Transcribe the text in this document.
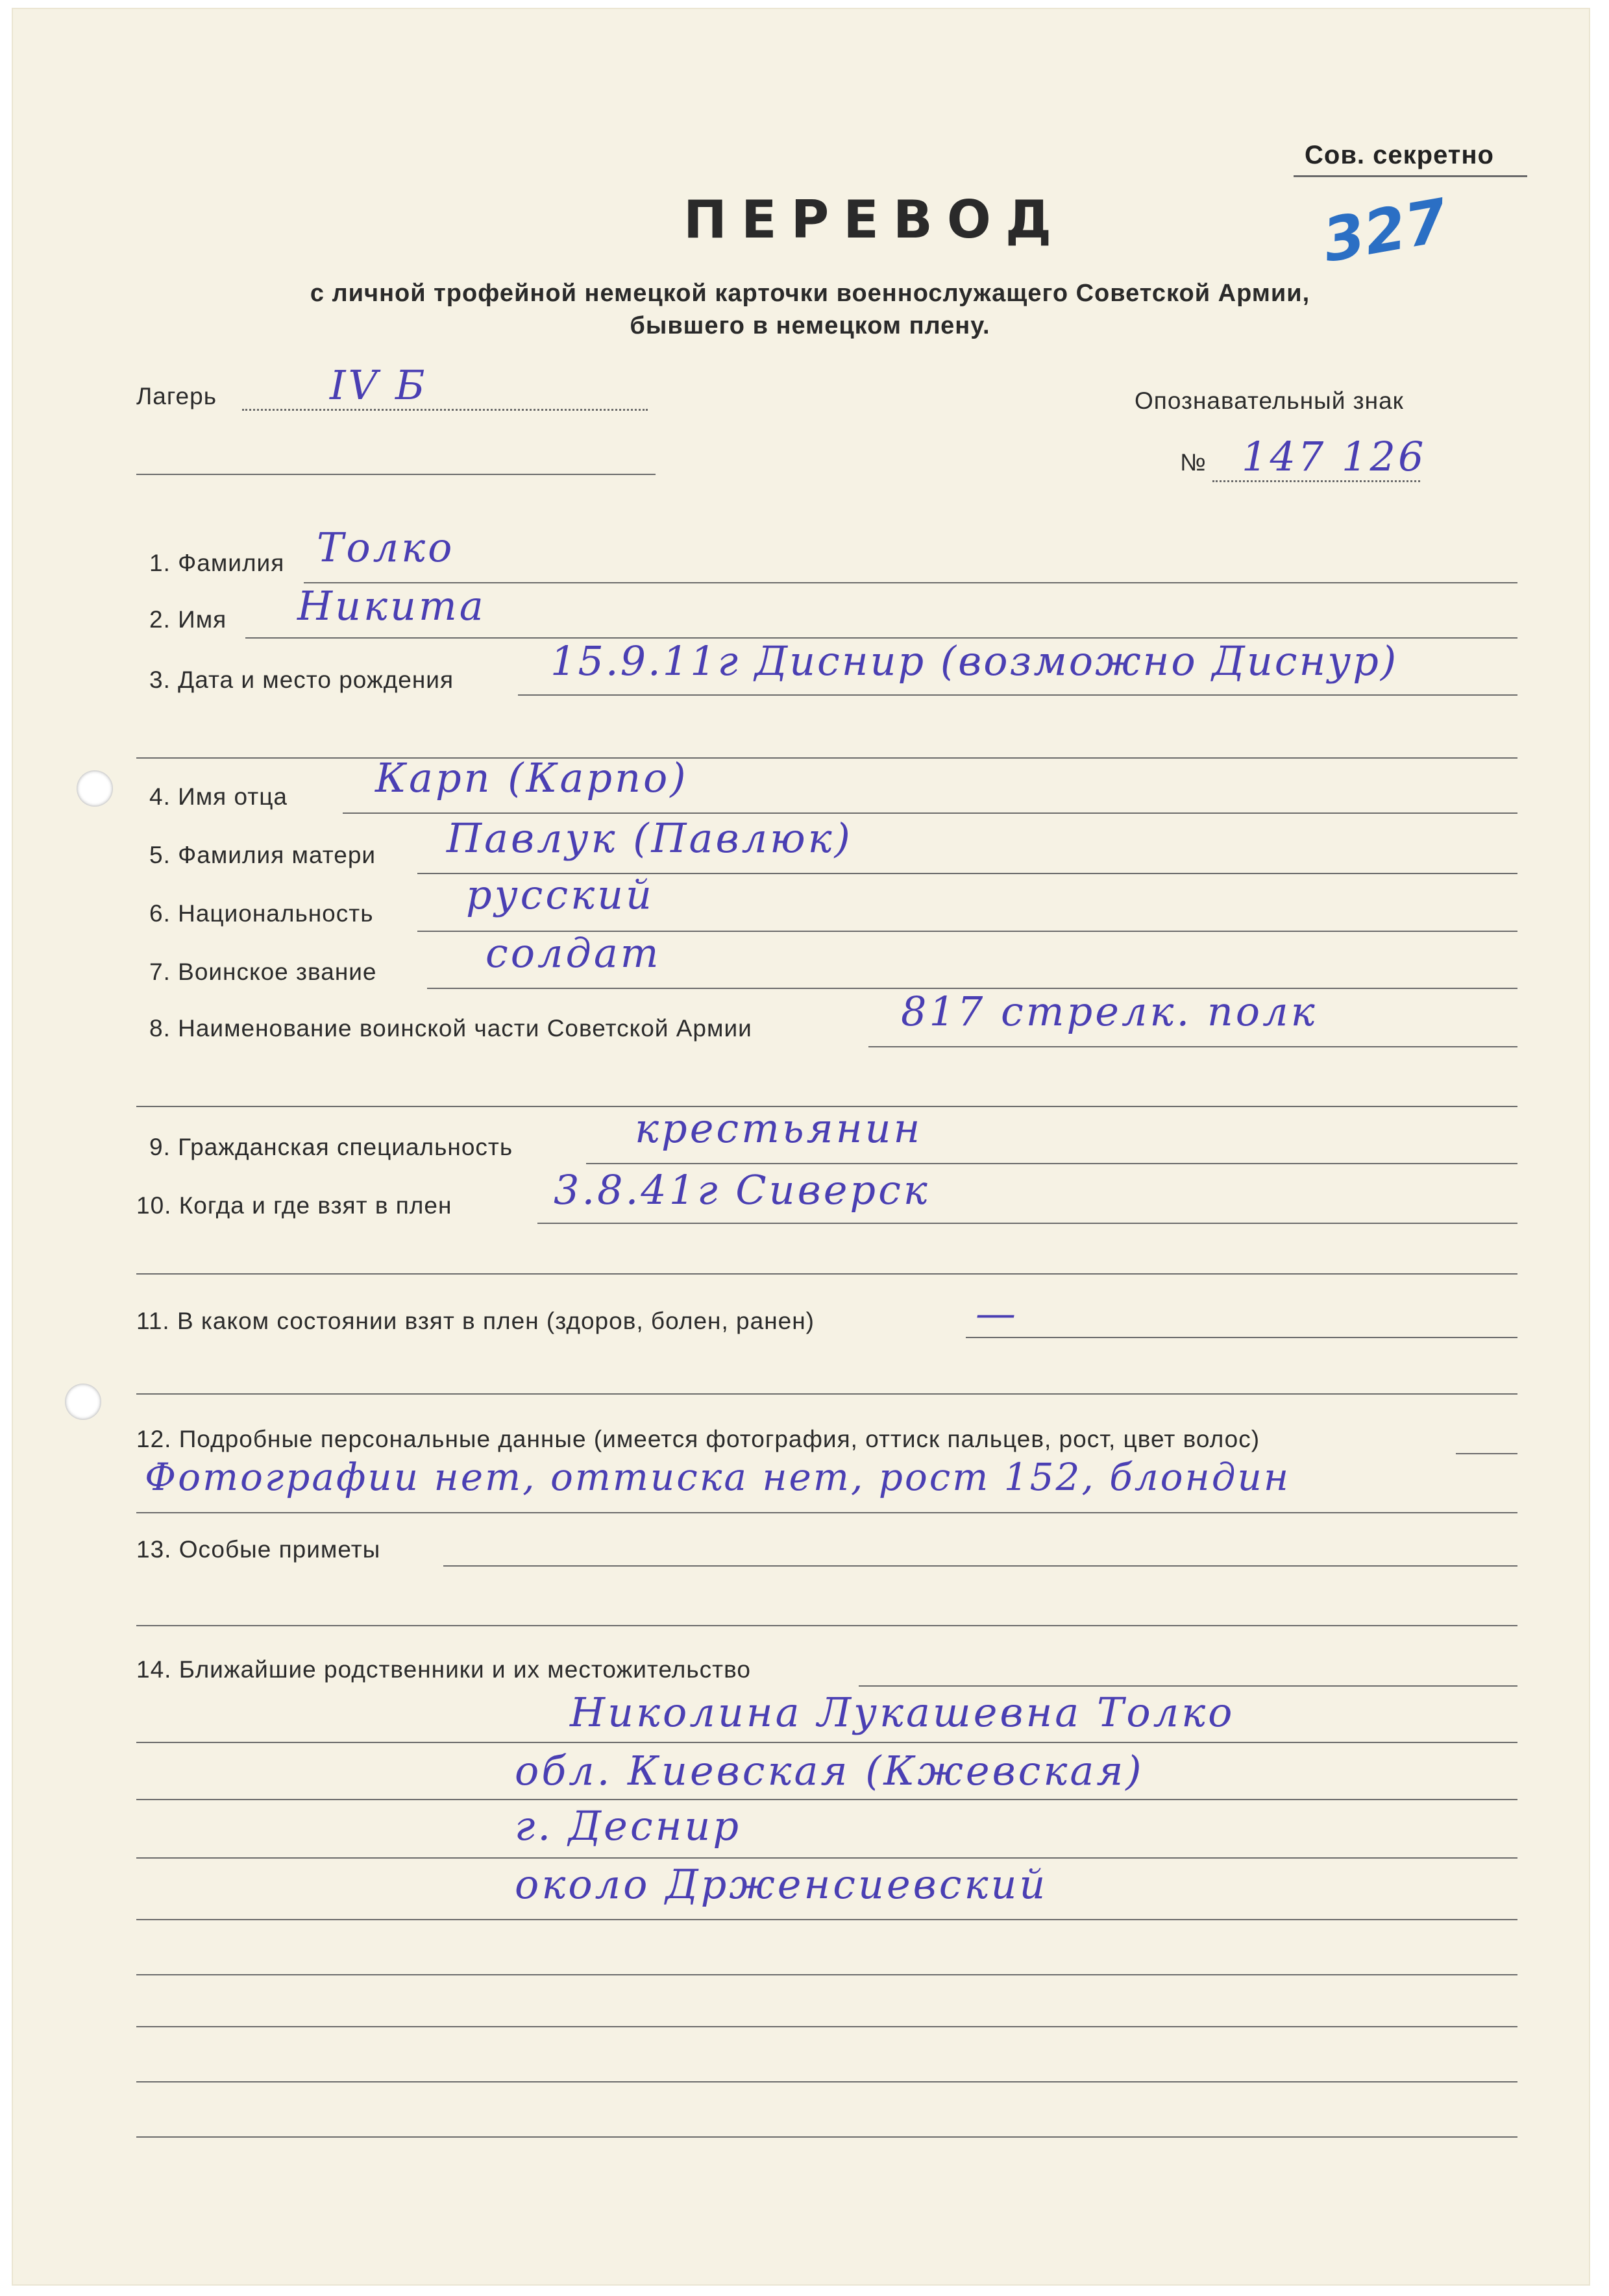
Сов. секретно
327
ПЕРЕВОД
с личной трофейной немецкой карточки военнослужащего Советской Армии,
бывшего в немецком плену.
Лагерь	IV Б	Опознавательный знак
№ 147 126
1. Фамилия Толко
2. Имя Никита
3. Дата и место рождения 15.9.11г Диснир (возможно Диснур)
4. Имя отца Карп (Карпо)
5. Фамилия матери Павлук (Павлюк)
6. Национальность русский
7. Воинское звание	солдат
8. Наименование воинской части Советской Армии	817 стрелк. полк
9. Гражданская специальность	крестьянин
10. Когда и где взят в плен	3.8.41г Сиверск
11. В каком состоянии взят в плен (здоров, болен, ранен)	—
12. Подробные персональные данные (имеется фотография, оттиск пальцев, рост, цвет волос)
Фотографии нет, оттиска нет, рост 152, блондин
13. Особые приметы
14. Ближайшие родственники и их местожительство
Николина Лукашевна Толко
обл. Киевская (Кжевская)
г. Деснир
около Држенсиевский
